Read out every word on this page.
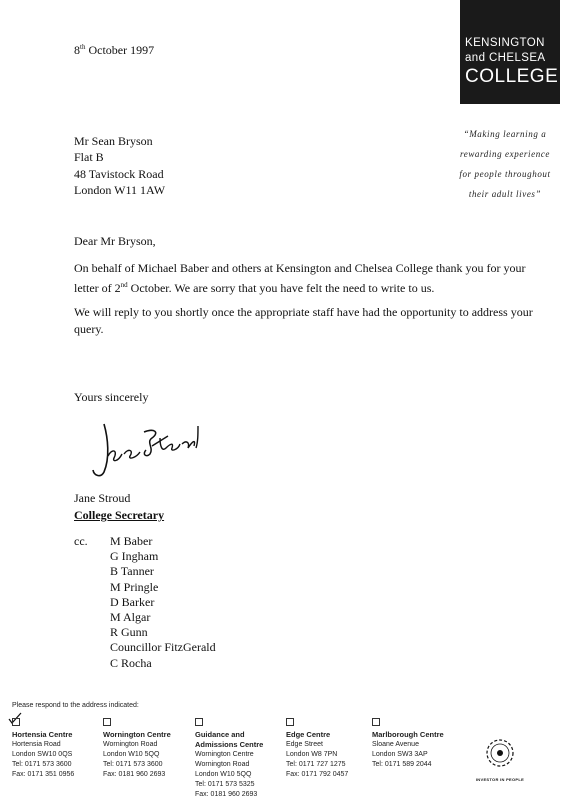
KENSINGTON
and CHELSEA
COLLEGE
8th October 1997
Mr Sean Bryson
Flat B
48 Tavistock Road
London W11 1AW
“Making learning a
rewarding experience
for people throughout
their adult lives”
Dear Mr Bryson,
On behalf of Michael Baber and others at Kensington and Chelsea College thank you for your letter of 2nd October. We are sorry that you have felt the need to write to us.
We will reply to you shortly once the appropriate staff have had the opportunity to address your query.
Yours sincerely
Jane Stroud
College Secretary
cc. M Baber
G Ingham
B Tanner
M Pringle
D Barker
M Algar
R Gunn
Councillor FitzGerald
C Rocha
Please respond to the address indicated:
Hortensia Centre
Hortensia Road
London SW10 0QS
Tel: 0171 573 3600
Fax: 0171 351 0956
Wornington Centre
Wornington Road
London W10 5QQ
Tel: 0171 573 3600
Fax: 0181 960 2693
Guidance and Admissions Centre
Wornington Centre
Wornington Road
London W10 5QQ
Tel: 0171 573 5325
Fax: 0181 960 2693
Edge Centre
Edge Street
London W8 7PN
Tel: 0171 727 1275
Fax: 0171 792 0457
Marlborough Centre
Sloane Avenue
London SW3 3AP
Tel: 0171 589 2044
INVESTOR IN PEOPLE
